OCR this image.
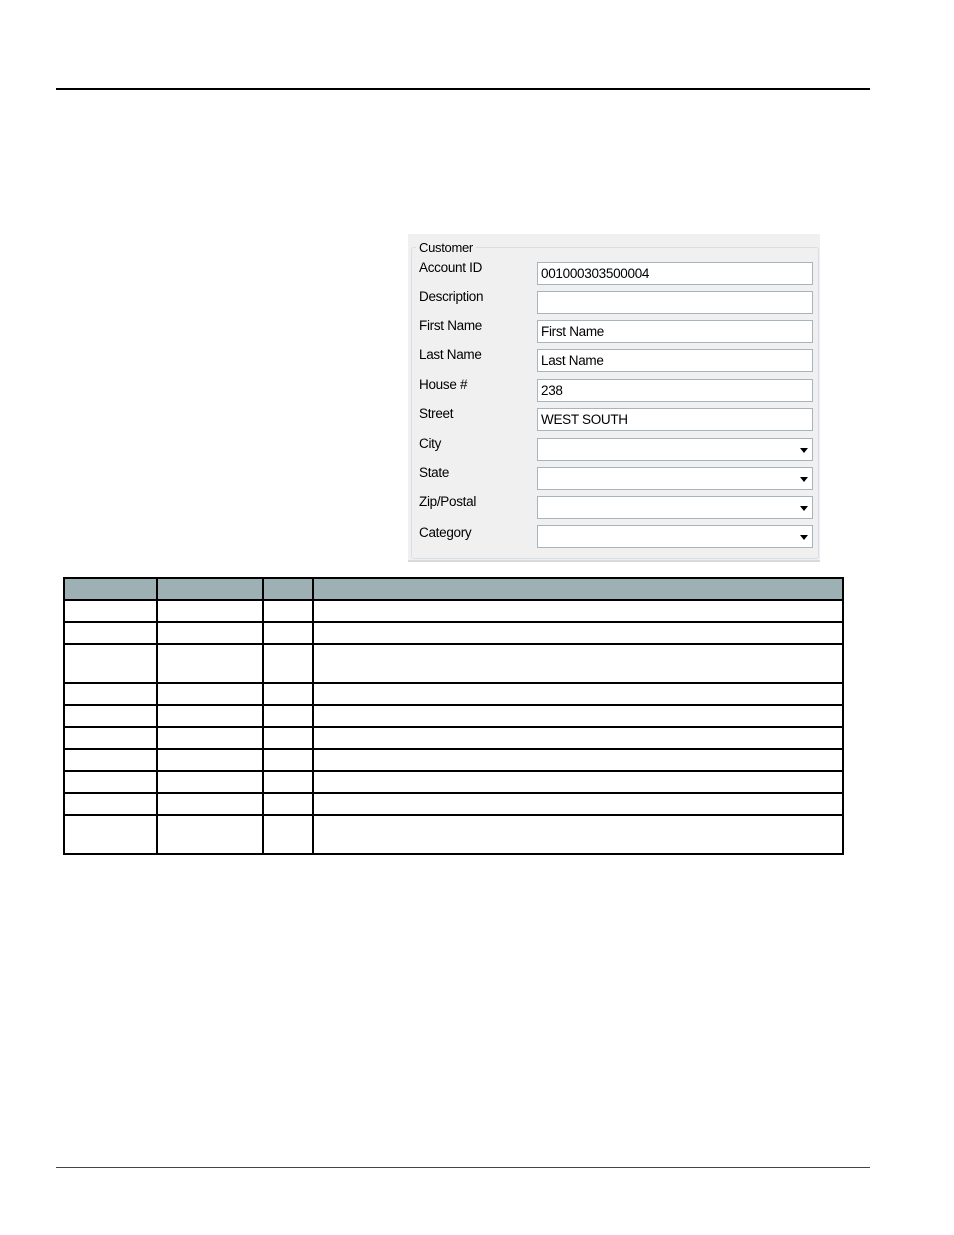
Customer
Account ID	001000303500004
Description
First Name	First Name
Last Name	Last Name
House #	238
Street	WEST SOUTH
City
State
Zip/Postal
Category
